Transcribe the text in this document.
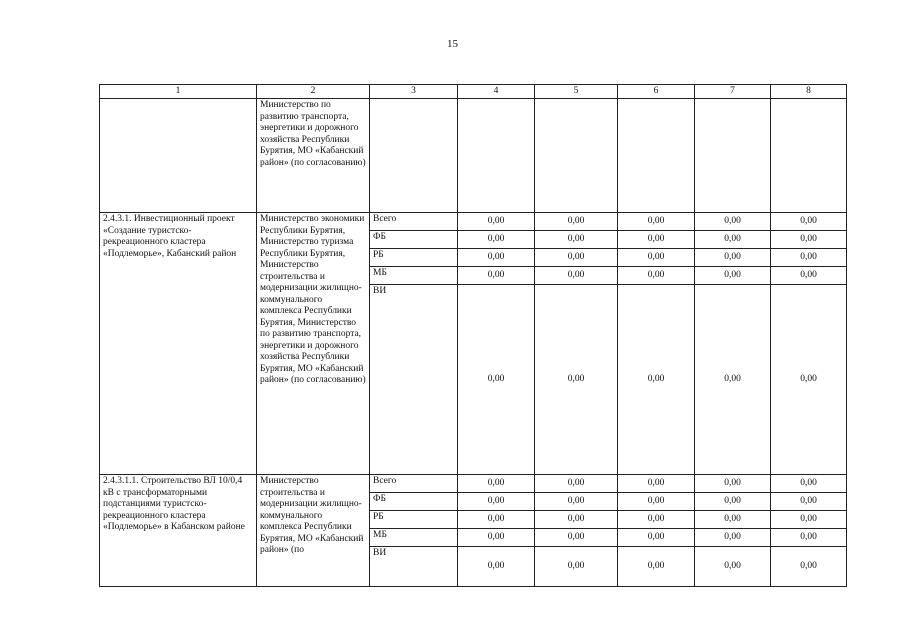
15
1	2	3	4	5	6	7	8
	Министерство по развитию транспорта, энергетики и дорожного хозяйства Республики Бурятия, МО «Кабанский район» (по согласованию)						
2.4.3.1. Инвестиционный проект «Создание туристско-рекреационного кластера «Подлеморье», Кабанский район	Министерство экономики Республики Бурятия, Министерство туризма Республики Бурятия, Министерство строительства и модернизации жилищно-коммунального комплекса Республики Бурятия, Министерство по развитию транспорта, энергетики и дорожного хозяйства Республики Бурятия, МО «Кабанский район» (по согласованию)	Всего	0,00	0,00	0,00	0,00	0,00
		ФБ	0,00	0,00	0,00	0,00	0,00
		РБ	0,00	0,00	0,00	0,00	0,00
		МБ	0,00	0,00	0,00	0,00	0,00
		ВИ	0,00	0,00	0,00	0,00	0,00
2.4.3.1.1. Строительство ВЛ 10/0,4 кВ с трансформаторными подстанциями туристско-рекреационного кластера «Подлеморье» в Кабанском районе	Министерство строительства и модернизации жилищно-коммунального комплекса Республики Бурятия, МО «Кабанский район» (по	Всего	0,00	0,00	0,00	0,00	0,00
		ФБ	0,00	0,00	0,00	0,00	0,00
		РБ	0,00	0,00	0,00	0,00	0,00
		МБ	0,00	0,00	0,00	0,00	0,00
		ВИ	0,00	0,00	0,00	0,00	0,00
